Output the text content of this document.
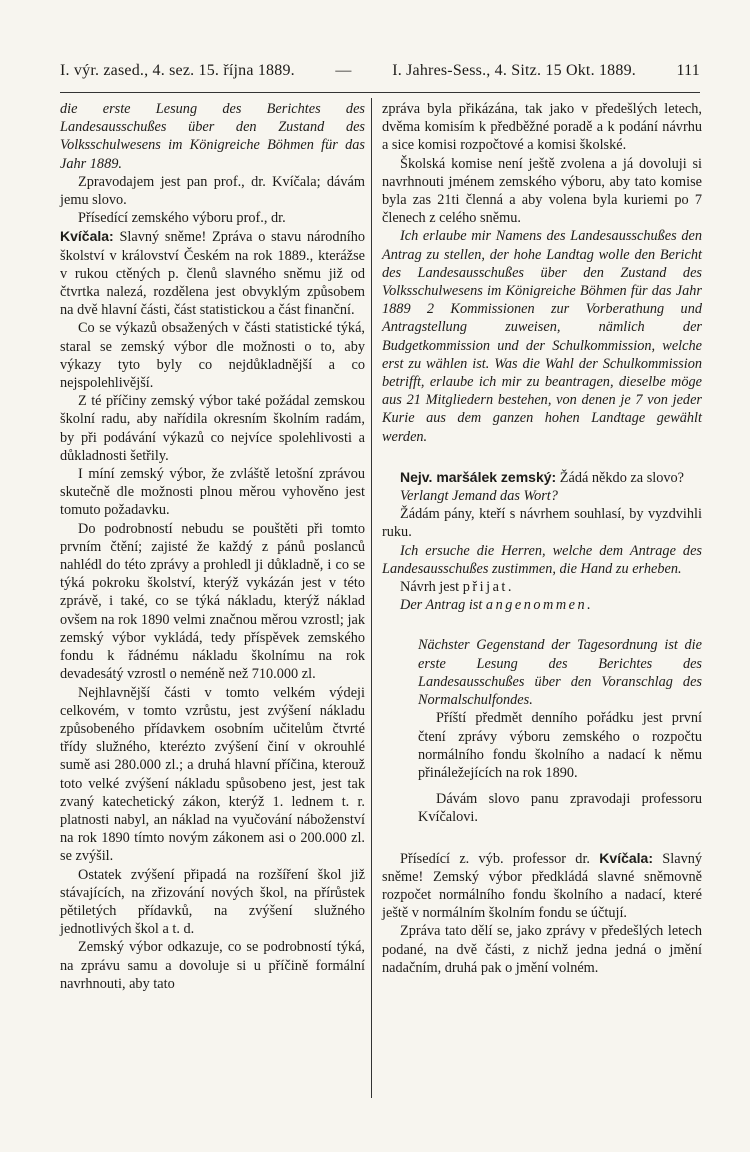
I. výr. zased., 4. sez. 15. října 1889.	—	I. Jahres-Sess., 4. Sitz. 15 Okt. 1889.	111

die erste Lesung des Berichtes des Landesausschußes über den Zustand des Volksschulwesens im Königreiche Böhmen für das Jahr 1889.

Zpravodajem jest pan prof., dr. Kvíčala; dávám jemu slovo.

Přísedící zemského výboru prof., dr.
Kvíčala: Slavný sněme! Zpráva o stavu národního školství v království Českém na rok 1889., kterážse v rukou ctěných p. členů slavného sněmu již od čtvrtka nalezá, rozdělena jest obvyklým způsobem na dvě hlavní části, část statistickou a část finanční.

Co se výkazů obsažených v části statistické týká, staral se zemský výbor dle možnosti o to, aby výkazy tyto byly co nejdůkladnější a co nejspolehlivější.

Z té příčiny zemský výbor také požádal zemskou školní radu, aby nařídila okresním školním radám, by při podávání výkazů co nejvíce spolehlivosti a důkladnosti šetřily.

I míní zemský výbor, že zvláště letošní zprávou skutečně dle možnosti plnou měrou vyhověno jest tomuto požadavku.

Do podrobností nebudu se pouštěti při tomto prvním čtění; zajisté že každý z pánů poslanců nahlédl do této zprávy a prohledl ji důkladně, i co se týká pokroku školství, kterýž vykázán jest v této zprávě, i také, co se týká nákladu, kterýž náklad ovšem na rok 1890 velmi značnou měrou vzrostl; jak zemský výbor vykládá, tedy příspěvek zemského fondu k řádnému nákladu školnímu na rok devadesátý vzrostl o neméně než 710.000 zl.

Nejhlavnější části v tomto velkém výdeji celkovém, v tomto vzrůstu, jest zvýšení nákladu způsobeného přídavkem osobním učitelům čtvrté třídy služného, kterézto zvýšení činí v okrouhlé sumě asi 280.000 zl.; a druhá hlavní příčina, kterouž toto velké zvýšení nákladu spůsobeno jest, jest tak zvaný katechetický zákon, kterýž 1. lednem t. r. platnosti nabyl, an náklad na vyučování náboženství na rok 1890 tímto novým zákonem asi o 200.000 zl. se zvýšil.

Ostatek zvýšení připadá na rozšíření škol již stávajících, na zřizování nových škol, na přírůstek pětiletých přídavků, na zvýšení služného jednotlivých škol a t. d.

Zemský výbor odkazuje, co se podrobností týká, na zprávu samu a dovoluje si u příčině formální navrhnouti, aby tato

zpráva byla přikázána, tak jako v předešlých letech, dvěma komisím k předběžné poradě a k podání návrhu a sice komisi rozpočtové a komisi školské.

Školská komise není ještě zvolena a já dovoluji si navrhnouti jménem zemského výboru, aby tato komise byla zas 21ti členná a aby volena byla kuriemi po 7 členech z celého sněmu.

Ich erlaube mir Namens des Landesausschußes den Antrag zu stellen, der hohe Landtag wolle den Bericht des Landesausschußes über den Zustand des Volksschulwesens im Königreiche Böhmen für das Jahr 1889 2 Kommissionen zur Vorberathung und Antragstellung zuweisen, nämlich der Budgetkommission und der Schulkommission, welche erst zu wählen ist. Was die Wahl der Schulkommission betrifft, erlaube ich mir zu beantragen, dieselbe möge aus 21 Mitgliedern bestehen, von denen je 7 von jeder Kurie aus dem ganzen hohen Landtage gewählt werden.

Nejv. maršálek zemský: Žádá někdo za slovo?

Verlangt Jemand das Wort?

Žádám pány, kteří s návrhem souhlasí, by vyzdvihli ruku.

Ich ersuche die Herren, welche dem Antrage des Landesausschußes zustimmen, die Hand zu erheben.

Návrh jest přijat.

Der Antrag ist angenommen.

Nächster Gegenstand der Tagesordnung ist die erste Lesung des Berichtes des Landesausschußes über den Voranschlag des Normalschulfondes.

Příští předmět denního pořádku jest první čtení zprávy výboru zemského o rozpočtu normálního fondu školního a nadací k němu přináležejících na rok 1890.

Dávám slovo panu zpravodaji professoru Kvíčalovi.

Přísedící z. výb. professor dr. Kvíčala: Slavný sněme! Zemský výbor předkládá slavné sněmovně rozpočet normálního fondu školního a nadací, které ještě v normálním školním fondu se účtují.

Zpráva tato dělí se, jako zprávy v předešlých letech podané, na dvě části, z nichž jedna jedná o jmění nadačním, druhá pak o jmění volném.
